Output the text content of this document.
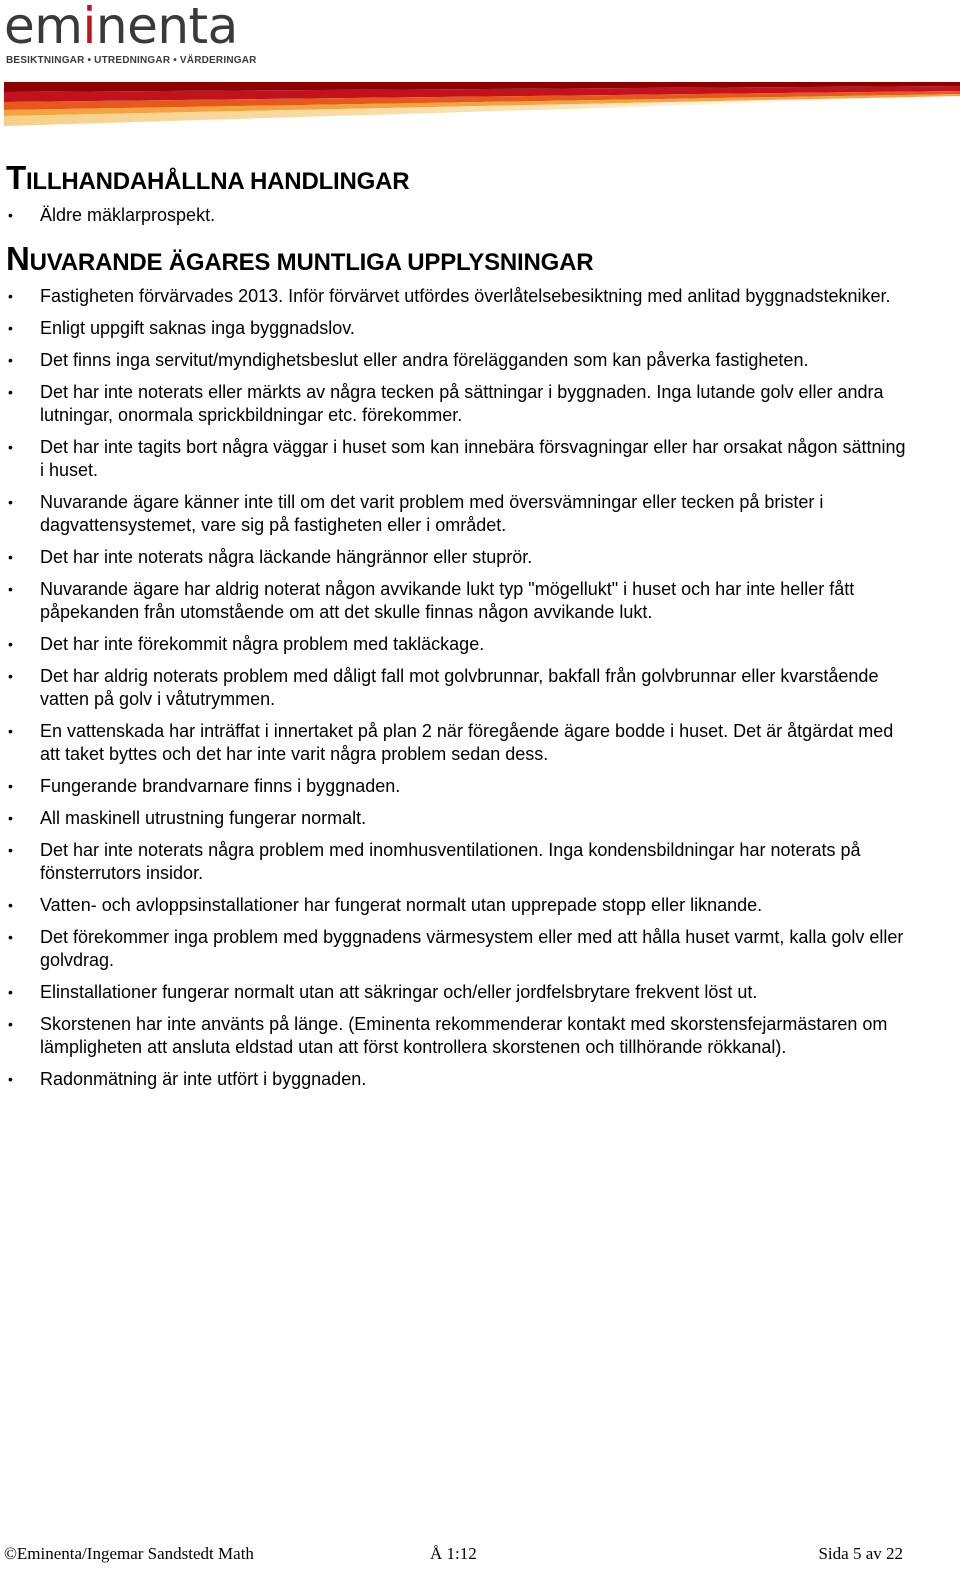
eminenta
BESIKTNINGAR • UTREDNINGAR • VÄRDERINGAR
TILLHANDAHÅLLNA HANDLINGAR
• Äldre mäklarprospekt.
NUVARANDE ÄGARES MUNTLIGA UPPLYSNINGAR
• Fastigheten förvärvades 2013. Inför förvärvet utfördes överlåtelsebesiktning med anlitad byggnadstekniker.
• Enligt uppgift saknas inga byggnadslov.
• Det finns inga servitut/myndighetsbeslut eller andra förelägganden som kan påverka fastigheten.
• Det har inte noterats eller märkts av några tecken på sättningar i byggnaden. Inga lutande golv eller andra lutningar, onormala sprickbildningar etc. förekommer.
• Det har inte tagits bort några väggar i huset som kan innebära försvagningar eller har orsakat någon sättning i huset.
• Nuvarande ägare känner inte till om det varit problem med översvämningar eller tecken på brister i dagvattensystemet, vare sig på fastigheten eller i området.
• Det har inte noterats några läckande hängrännor eller stuprör.
• Nuvarande ägare har aldrig noterat någon avvikande lukt typ "mögellukt" i huset och har inte heller fått påpekanden från utomstående om att det skulle finnas någon avvikande lukt.
• Det har inte förekommit några problem med takläckage.
• Det har aldrig noterats problem med dåligt fall mot golvbrunnar, bakfall från golvbrunnar eller kvarstående vatten på golv i våtutrymmen.
• En vattenskada har inträffat i innertaket på plan 2 när föregående ägare bodde i huset. Det är åtgärdat med att taket byttes och det har inte varit några problem sedan dess.
• Fungerande brandvarnare finns i byggnaden.
• All maskinell utrustning fungerar normalt.
• Det har inte noterats några problem med inomhusventilationen. Inga kondensbildningar har noterats på fönsterrutors insidor.
• Vatten- och avloppsinstallationer har fungerat normalt utan upprepade stopp eller liknande.
• Det förekommer inga problem med byggnadens värmesystem eller med att hålla huset varmt, kalla golv eller golvdrag.
• Elinstallationer fungerar normalt utan att säkringar och/eller jordfelsbrytare frekvent löst ut.
• Skorstenen har inte använts på länge. (Eminenta rekommenderar kontakt med skorstensfejarmästaren om lämpligheten att ansluta eldstad utan att först kontrollera skorstenen och tillhörande rökkanal).
• Radonmätning är inte utfört i byggnaden.
©Eminenta/Ingemar Sandstedt Math	Å 1:12	Sida 5 av 22
